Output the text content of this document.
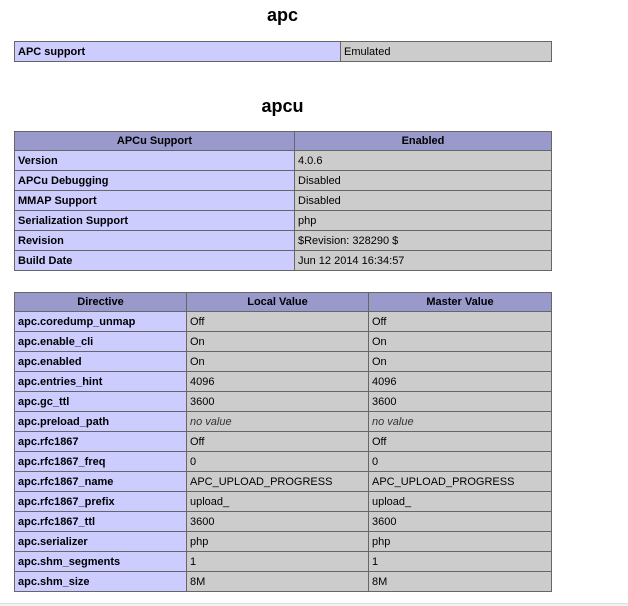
apc
APC support	Emulated
apcu
APCu Support	Enabled
Version	4.0.6
APCu Debugging	Disabled
MMAP Support	Disabled
Serialization Support	php
Revision	$Revision: 328290 $
Build Date	Jun 12 2014 16:34:57
Directive	Local Value	Master Value
apc.coredump_unmap	Off	Off
apc.enable_cli	On	On
apc.enabled	On	On
apc.entries_hint	4096	4096
apc.gc_ttl	3600	3600
apc.preload_path	no value	no value
apc.rfc1867	Off	Off
apc.rfc1867_freq	0	0
apc.rfc1867_name	APC_UPLOAD_PROGRESS	APC_UPLOAD_PROGRESS
apc.rfc1867_prefix	upload_	upload_
apc.rfc1867_ttl	3600	3600
apc.serializer	php	php
apc.shm_segments	1	1
apc.shm_size	8M	8M
